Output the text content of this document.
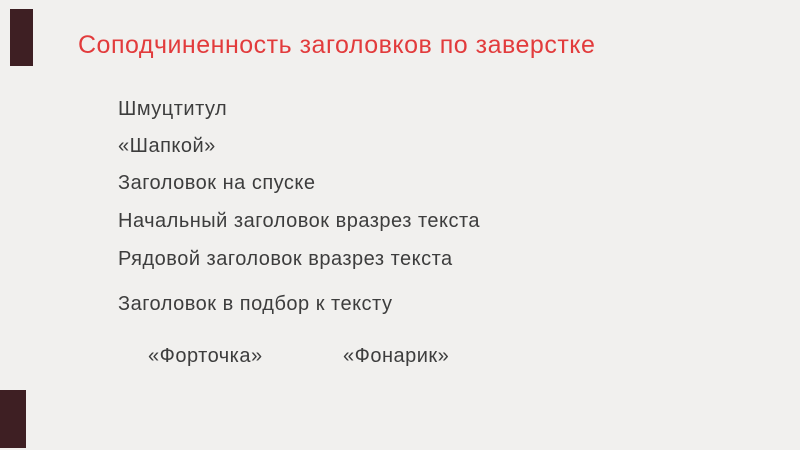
Соподчиненность заголовков по заверстке
Шмуцтитул
«Шапкой»
Заголовок на спуске
Начальный заголовок вразрез текста
Рядовой заголовок вразрез текста
Заголовок в подбор к тексту
«Форточка»	«Фонарик»
